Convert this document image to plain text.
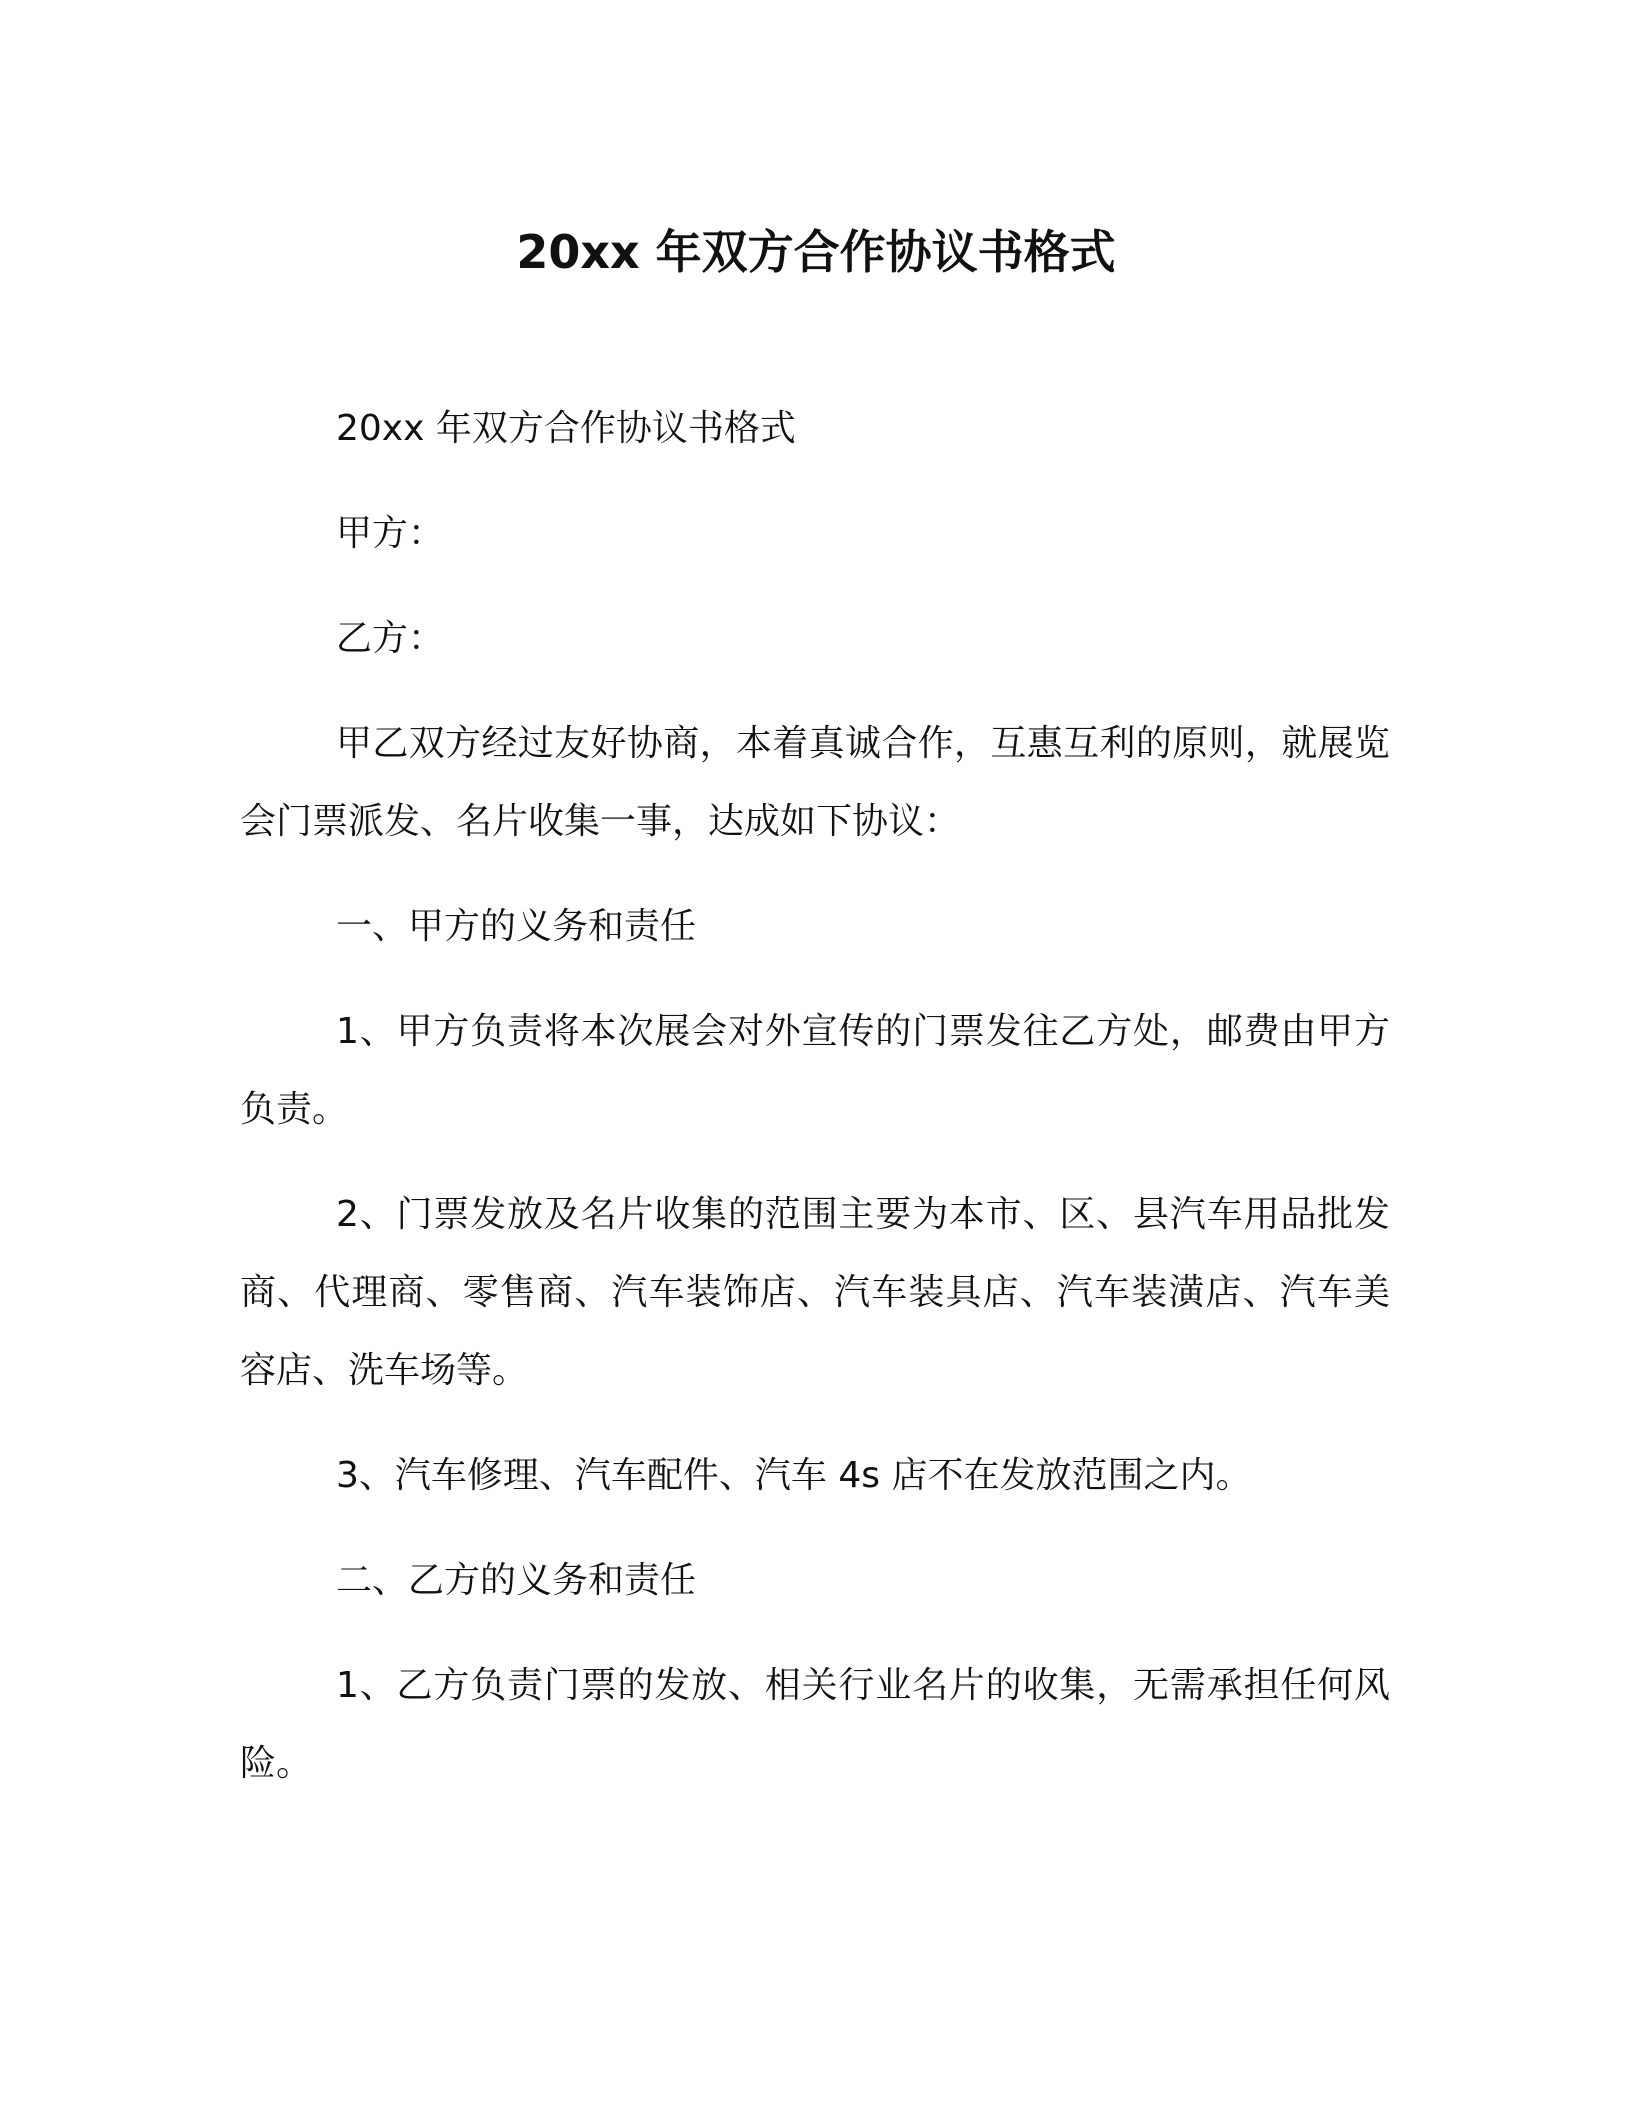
20xx 年双方合作协议书格式

20xx 年双方合作协议书格式

甲方：

乙方：

甲乙双方经过友好协商，本着真诚合作，互惠互利的原则，就展览会门票派发、名片收集一事，达成如下协议：

一、甲方的义务和责任

1、甲方负责将本次展会对外宣传的门票发往乙方处，邮费由甲方负责。

2、门票发放及名片收集的范围主要为本市、区、县汽车用品批发商、代理商、零售商、汽车装饰店、汽车装具店、汽车装潢店、汽车美容店、洗车场等。

3、汽车修理、汽车配件、汽车 4s 店不在发放范围之内。

二、乙方的义务和责任

1、乙方负责门票的发放、相关行业名片的收集，无需承担任何风险。
